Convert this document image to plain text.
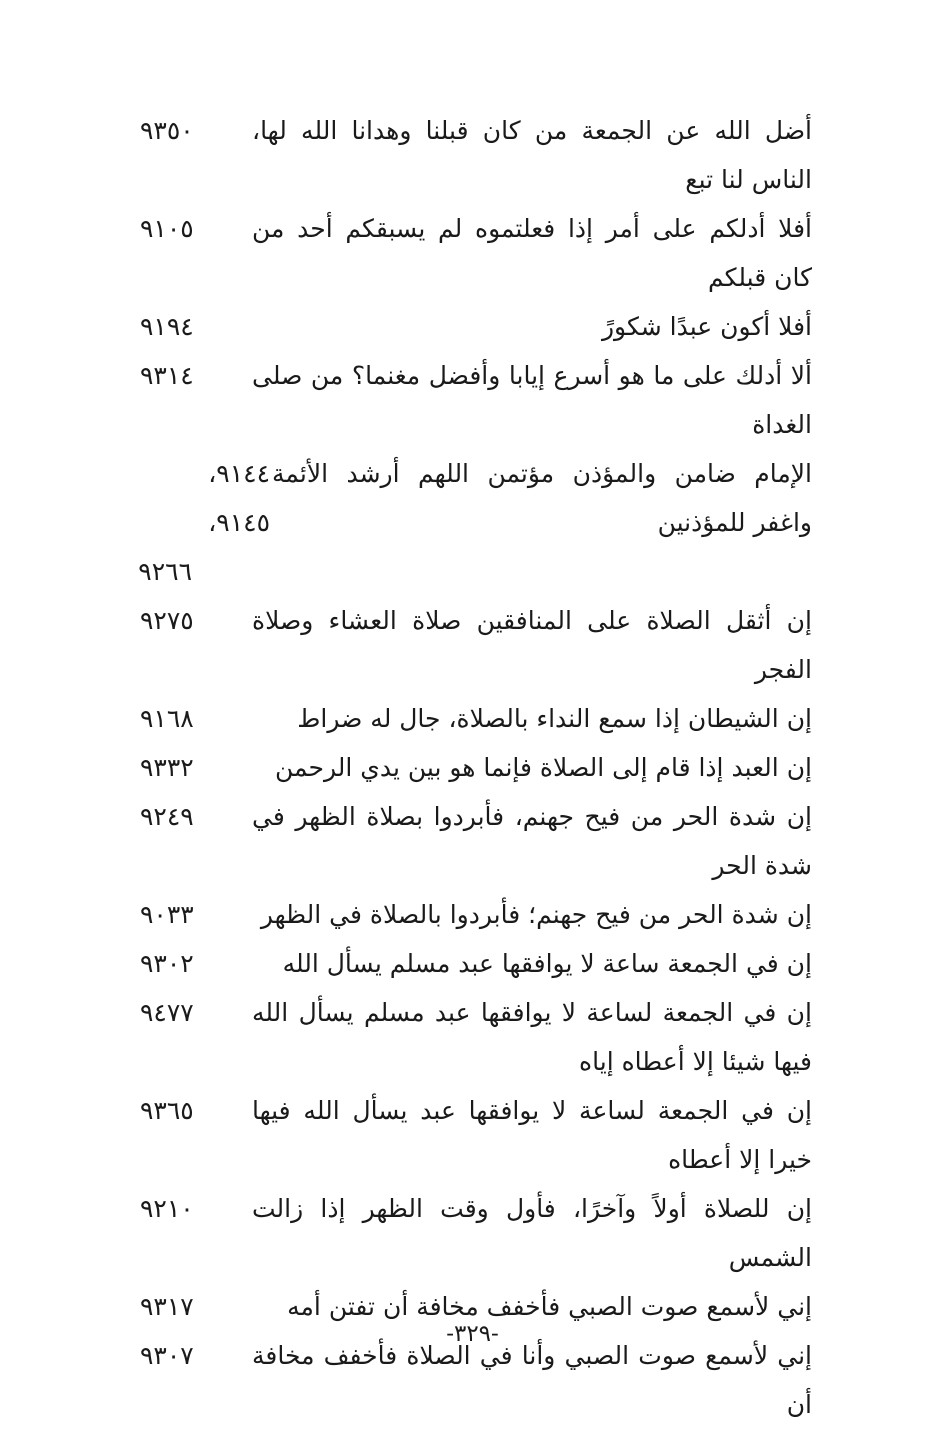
أضل الله عن الجمعة من كان قبلنا وهدانا الله لها، الناس لنا تبع
٩٣٥٠
أفلا أدلكم على أمر إذا فعلتموه لم يسبقكم أحد من كان قبلكم
٩١٠٥
أفلا أكون عبدًا شكورً
٩١٩٤
ألا أدلك على ما هو أسرع إيابا وأفضل مغنما؟ من صلى الغداة
٩٣١٤
الإمام ضامن والمؤذن مؤتمن اللهم أرشد الأئمة واغفر للمؤذنين
٩١٤٤، ٩١٤٥،
٩٢٦٦
إن أثقل الصلاة على المنافقين صلاة العشاء وصلاة الفجر
٩٢٧٥
إن الشيطان إذا سمع النداء بالصلاة، جال له ضراط
٩١٦٨
إن العبد إذا قام إلى الصلاة فإنما هو بين يدي الرحمن
٩٣٣٢
إن شدة الحر من فيح جهنم، فأبردوا بصلاة الظهر في شدة الحر
٩٢٤٩
إن شدة الحر من فيح جهنم؛ فأبردوا بالصلاة في الظهر
٩٠٣٣
إن في الجمعة ساعة لا يوافقها عبد مسلم يسأل الله
٩٣٠٢
إن في الجمعة لساعة لا يوافقها عبد مسلم يسأل الله فيها شيئا إلا أعطاه إياه
٩٤٧٧
إن في الجمعة لساعة لا يوافقها عبد يسأل الله فيها خيرا إلا أعطاه
٩٣٦٥
إن للصلاة أولاً وآخرًا، فأول وقت الظهر إذا زالت الشمس
٩٢١٠
إني لأسمع صوت الصبي فأخفف مخافة أن تفتن أمه
٩٣١٧
إني لأسمع صوت الصبي وأنا في الصلاة فأخفف مخافة أن
٩٣٠٧
-٣٢٩-
